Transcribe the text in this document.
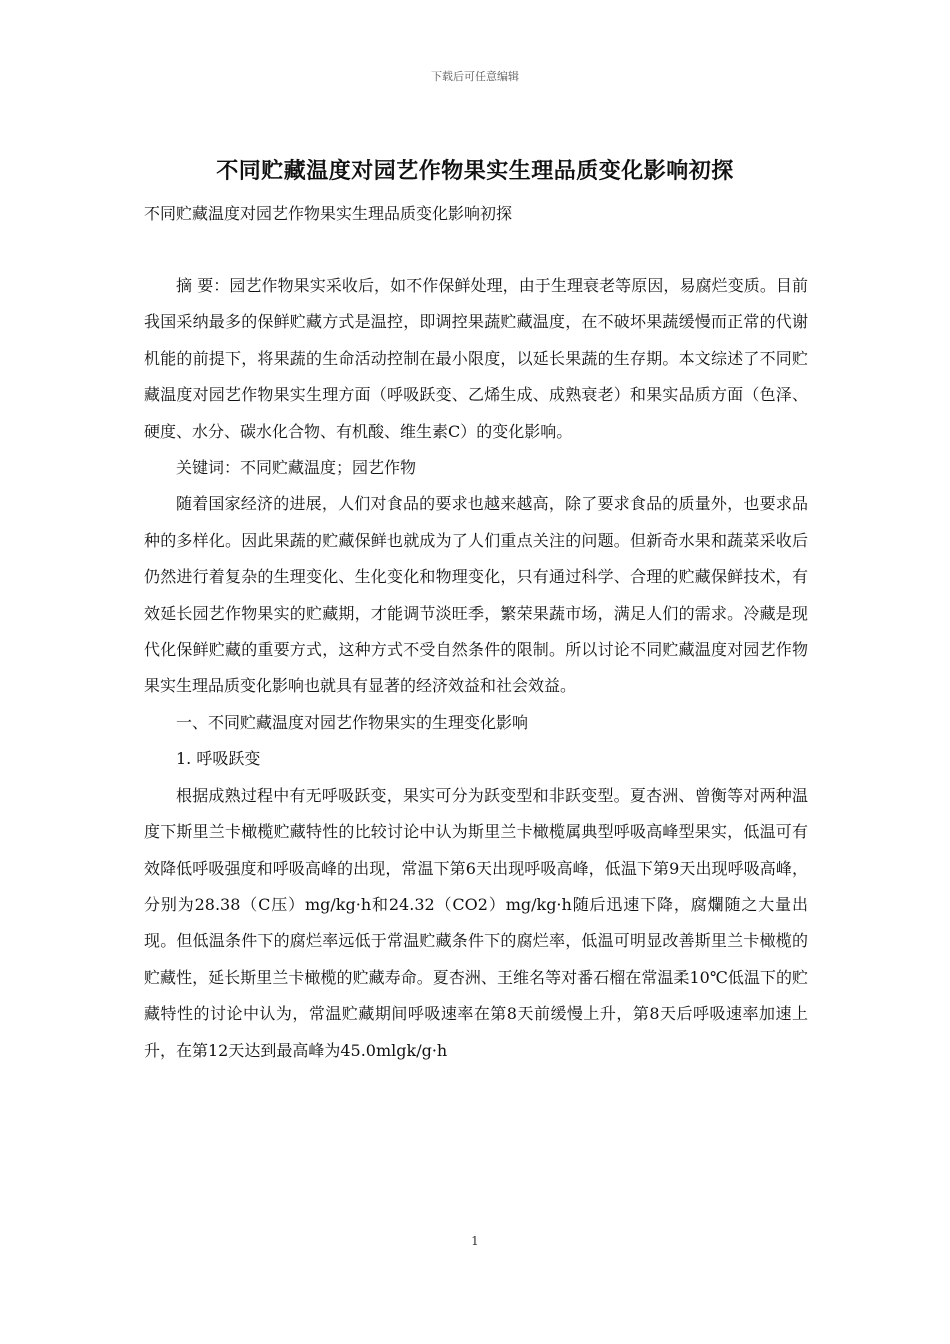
下载后可任意编辑
不同贮藏温度对园艺作物果实生理品质变化影响初探

不同贮藏温度对园艺作物果实生理品质变化影响初探

摘 要：园艺作物果实采收后，如不作保鲜处理，由于生理衰老等原因，易腐烂变质。目前我国采纳最多的保鲜贮藏方式是温控，即调控果蔬贮藏温度，在不破坏果蔬缓慢而正常的代谢机能的前提下，将果蔬的生命活动控制在最小限度，以延长果蔬的生存期。本文综述了不同贮藏温度对园艺作物果实生理方面（呼吸跃变、乙烯生成、成熟衰老）和果实品质方面（色泽、硬度、水分、碳水化合物、有机酸、维生素C）的变化影响。

关键词：不同贮藏温度；园艺作物

随着国家经济的进展，人们对食品的要求也越来越高，除了要求食品的质量外，也要求品种的多样化。因此果蔬的贮藏保鲜也就成为了人们重点关注的问题。但新奇水果和蔬菜采收后仍然进行着复杂的生理变化、生化变化和物理变化，只有通过科学、合理的贮藏保鲜技术，有效延长园艺作物果实的贮藏期，才能调节淡旺季，繁荣果蔬市场，满足人们的需求。冷藏是现代化保鲜贮藏的重要方式，这种方式不受自然条件的限制。所以讨论不同贮藏温度对园艺作物果实生理品质变化影响也就具有显著的经济效益和社会效益。

一、不同贮藏温度对园艺作物果实的生理变化影响

1. 呼吸跃变

根据成熟过程中有无呼吸跃变，果实可分为跃变型和非跃变型。夏杏洲、曾衡等对两种温度下斯里兰卡橄榄贮藏特性的比较讨论中认为斯里兰卡橄榄属典型呼吸高峰型果实，低温可有效降低呼吸强度和呼吸高峰的出现，常温下第6天出现呼吸高峰，低温下第9天出现呼吸高峰，分别为28.38（C压）mg/kg·h和24.32（CO2）mg/kg·h随后迅速下降，腐爛随之大量出现。但低温条件下的腐烂率远低于常温贮藏条件下的腐烂率，低温可明显改善斯里兰卡橄榄的贮藏性，延长斯里兰卡橄榄的贮藏寿命。夏杏洲、王维名等对番石榴在常温柔10℃低温下的贮藏特性的讨论中认为，常温贮藏期间呼吸速率在第8天前缓慢上升，第8天后呼吸速率加速上升，在第12天达到最高峰为45.0mlgk/g·h

1
